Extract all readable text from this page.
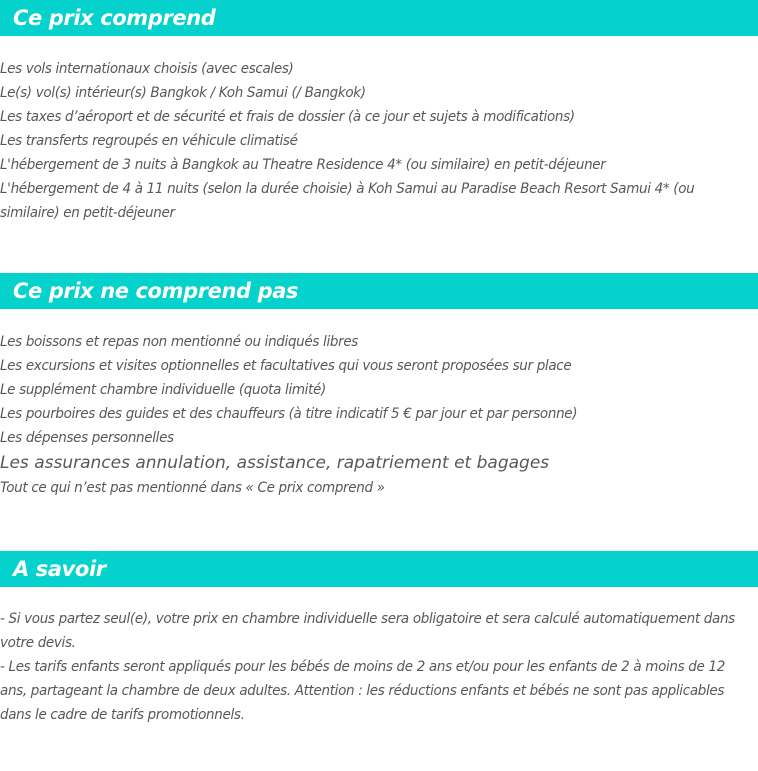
Ce prix comprend
Les vols internationaux choisis (avec escales)
Le(s) vol(s) intérieur(s) Bangkok / Koh Samui (/ Bangkok)
Les taxes d’aéroport et de sécurité et frais de dossier (à ce jour et sujets à modifications)
Les transferts regroupés en véhicule climatisé
L'hébergement de 3 nuits à Bangkok au Theatre Residence 4* (ou similaire) en petit-déjeuner
L'hébergement de 4 à 11 nuits (selon la durée choisie) à Koh Samui au Paradise Beach Resort Samui 4* (ou similaire) en petit-déjeuner
Ce prix ne comprend pas
Les boissons et repas non mentionné ou indiqués libres
Les excursions et visites optionnelles et facultatives qui vous seront proposées sur place
Le supplément chambre individuelle (quota limité)
Les pourboires des guides et des chauffeurs (à titre indicatif 5 € par jour et par personne)
Les dépenses personnelles
Les assurances annulation, assistance, rapatriement et bagages
Tout ce qui n’est pas mentionné dans « Ce prix comprend »
A savoir
- Si vous partez seul(e), votre prix en chambre individuelle sera obligatoire et sera calculé automatiquement dans votre devis.
- Les tarifs enfants seront appliqués pour les bébés de moins de 2 ans et/ou pour les enfants de 2 à moins de 12 ans, partageant la chambre de deux adultes. Attention : les réductions enfants et bébés ne sont pas applicables dans le cadre de tarifs promotionnels.
